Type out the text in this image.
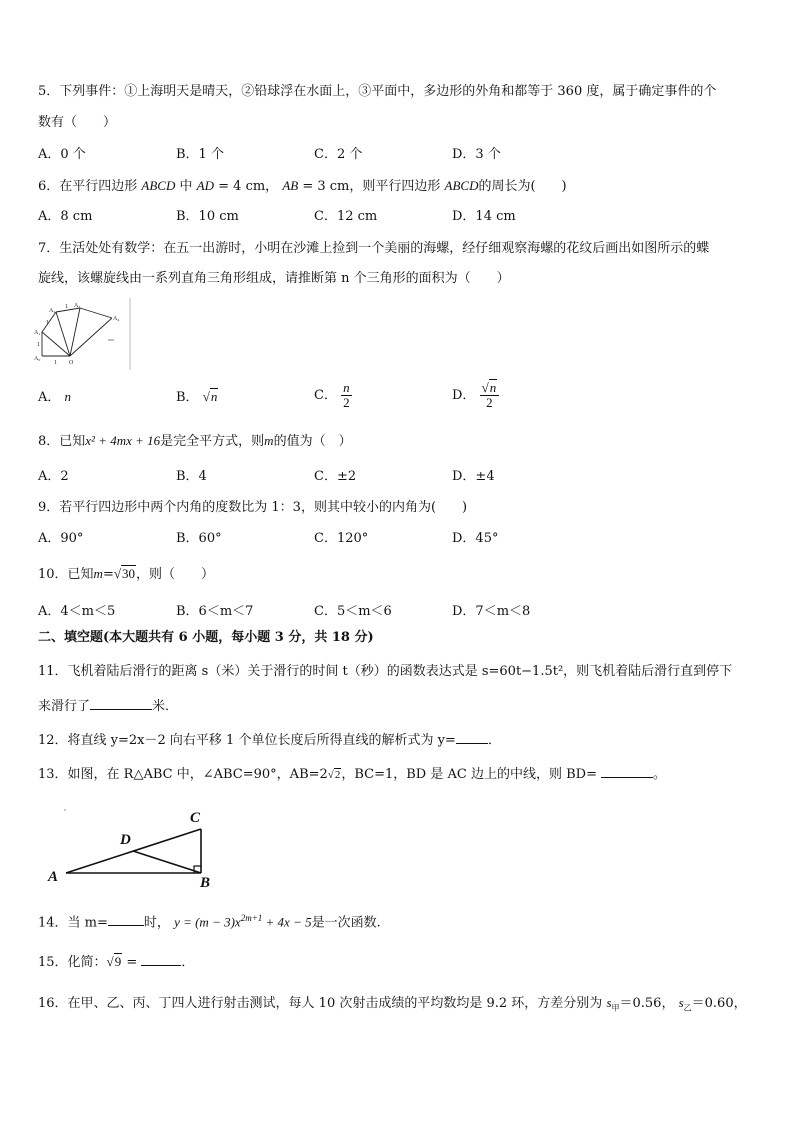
5．下列事件：①上海明天是晴天，②铅球浮在水面上，③平面中，多边形的外角和都等于 360 度，属于确定事件的个
数有（　　）
A．0 个	B．1 个	C．2 个	D．3 个
6．在平行四边形 ABCD 中 AD = 4 cm， AB = 3 cm，则平行四边形 ABCD的周长为(　　)
A．8 cm	B．10 cm	C．12 cm	D．14 cm
7．生活处处有数学：在五一出游时，小明在沙滩上捡到一个美丽的海螺，经仔细观察海螺的花纹后画出如图所示的蝶
旋线，该螺旋线由一系列直角三角形组成，请推断第 n 个三角形的面积为（　　）
A₀
A₁
A₂
A₃
A₄
O
1
1
1
1
A． n	B． √n	C． $\frac{n}{2}$	D． $\frac{√n}{2}$
8．已知x² + 4mx + 16是完全平方式，则m的值为（　）
A．2	B．4	C．±2	D．±4
9．若平行四边形中两个内角的度数比为 1：3，则其中较小的内角为(　　)
A．90°	B．60°	C．120°	D．45°
10．已知m=√30，则（　　）
A．4＜m＜5	B．6＜m＜7	C．5＜m＜6	D．7＜m＜8
二、填空题(本大题共有 6 小题，每小题 3 分，共 18 分)
11．飞机着陆后滑行的距离 s（米）关于滑行的时间 t（秒）的函数表达式是 s=60t−1.5t²，则飞机着陆后滑行直到停下
来滑行了	米．
12．将直线 y=2x－2 向右平移 1 个单位长度后所得直线的解析式为 y= ．
13．如图，在 R△ABC 中，∠ABC=90°，AB=2√2，BC=1，BD 是 AC 边上的中线，则 BD=	。
A	B
C
D
14．当 m=	时， $y = (m - 3)x^{2m+1} + 4x - 5$是一次函数.
15．化简：√9 =	．
16．在甲、乙、丙、丁四人进行射击测试，每人 10 次射击成绩的平均数均是 9.2 环，方差分别为 $s_甲=0.56$， $s_乙=0.60$，
